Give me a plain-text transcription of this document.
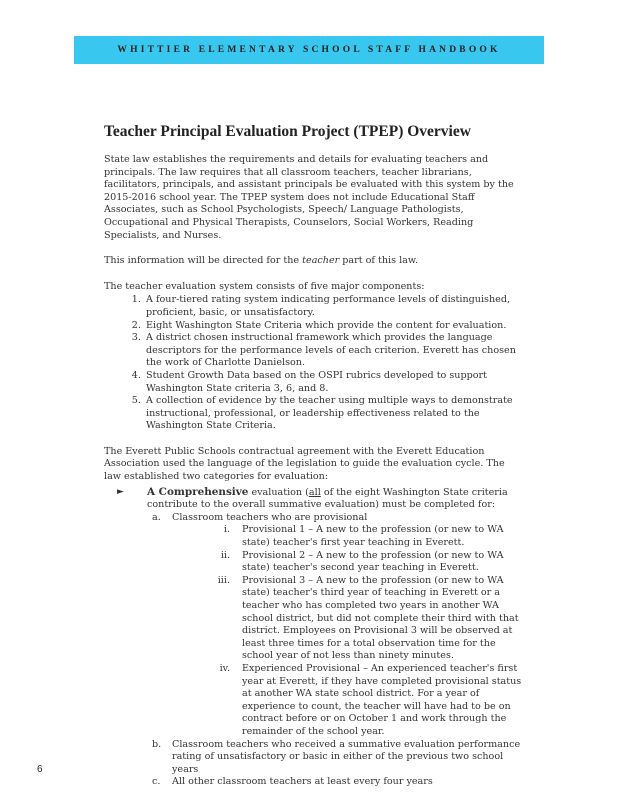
WHITTIER ELEMENTARY SCHOOL STAFF HANDBOOK
Teacher Principal Evaluation Project (TPEP) Overview

State law establishes the requirements and details for evaluating teachers and principals. The law requires that all classroom teachers, teacher librarians, facilitators, principals, and assistant principals be evaluated with this system by the 2015-2016 school year. The TPEP system does not include Educational Staff Associates, such as School Psychologists, Speech/ Language Pathologists, Occupational and Physical Therapists, Counselors, Social Workers, Reading Specialists, and Nurses.

This information will be directed for the teacher part of this law.

The teacher evaluation system consists of five major components:
1. A four-tiered rating system indicating performance levels of distinguished, proficient, basic, or unsatisfactory.
2. Eight Washington State Criteria which provide the content for evaluation.
3. A district chosen instructional framework which provides the language descriptors for the performance levels of each criterion. Everett has chosen the work of Charlotte Danielson.
4. Student Growth Data based on the OSPI rubrics developed to support Washington State criteria 3, 6, and 8.
5. A collection of evidence by the teacher using multiple ways to demonstrate instructional, professional, or leadership effectiveness related to the Washington State Criteria.

The Everett Public Schools contractual agreement with the Everett Education Association used the language of the legislation to guide the evaluation cycle. The law established two categories for evaluation:

►	A Comprehensive evaluation (all of the eight Washington State criteria contribute to the overall summative evaluation) must be completed for:
a.	Classroom teachers who are provisional
i.	Provisional 1 – A new to the profession (or new to WA state) teacher's first year teaching in Everett.
ii.	Provisional 2 – A new to the profession (or new to WA state) teacher's second year teaching in Everett.
iii.	Provisional 3 – A new to the profession (or new to WA state) teacher's third year of teaching in Everett or a teacher who has completed two years in another WA school district, but did not complete their third with that district. Employees on Provisional 3 will be observed at least three times for a total observation time for the school year of not less than ninety minutes.
iv.	Experienced Provisional – An experienced teacher's first year at Everett, if they have completed provisional status at another WA state school district. For a year of experience to count, the teacher will have had to be on contract before or on October 1 and work through the remainder of the school year.
b.	Classroom teachers who received a summative evaluation performance rating of unsatisfactory or basic in either of the previous two school years
c.	All other classroom teachers at least every four years
6
